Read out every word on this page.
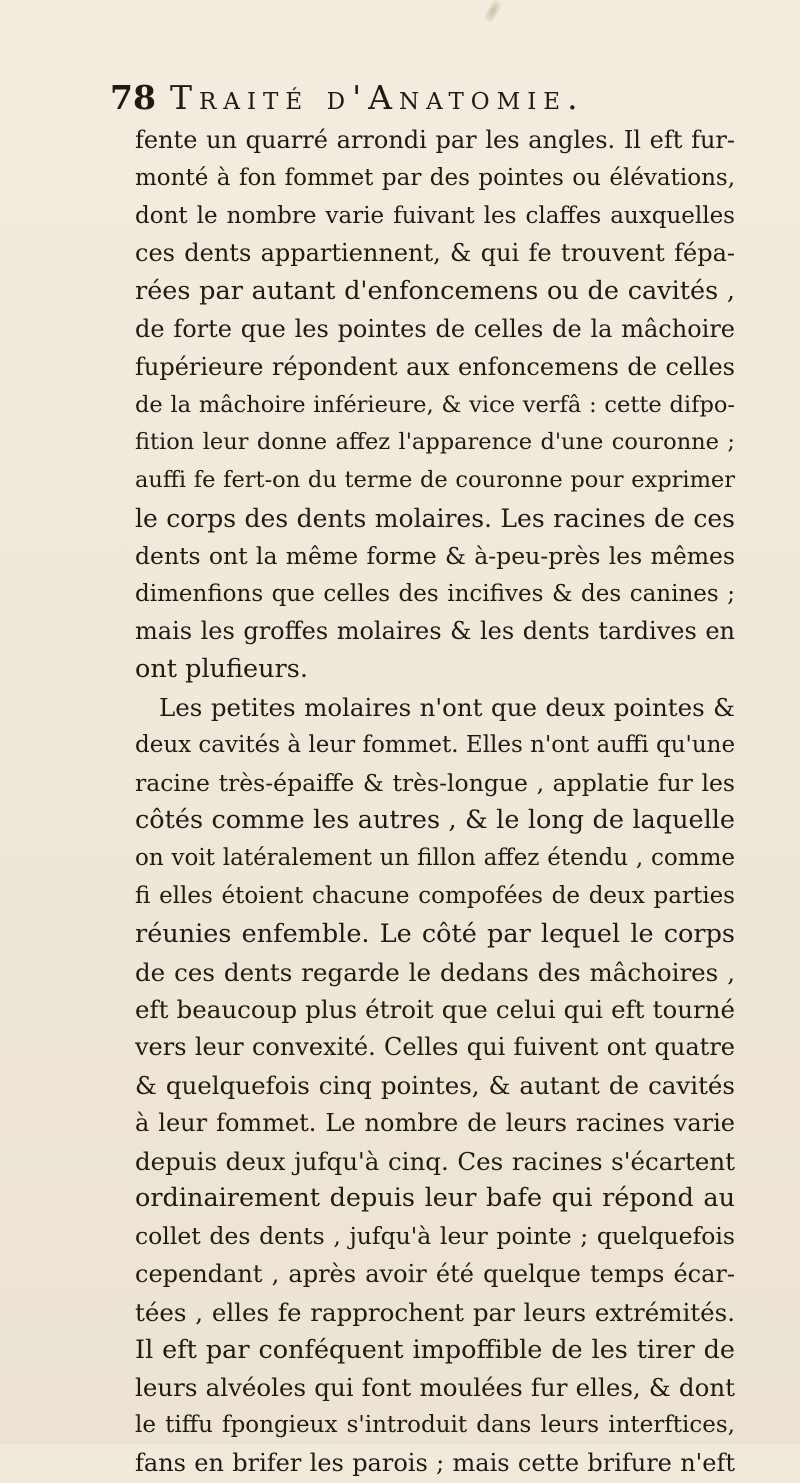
78 Traité d'Anatomie.
fente un quarré arrondi par les angles. Il eft fur-
monté à fon fommet par des pointes ou élévations,
dont le nombre varie fuivant les claffes auxquelles
ces dents appartiennent, & qui fe trouvent fépa-
rées par autant d'enfoncemens ou de cavités ,
de forte que les pointes de celles de la mâchoire
fupérieure répondent aux enfoncemens de celles
de la mâchoire inférieure, & vice verfâ : cette difpo-
fition leur donne affez l'apparence d'une couronne ;
auffi fe fert-on du terme de couronne pour exprimer
le corps des dents molaires. Les racines de ces
dents ont la même forme & à-peu-près les mêmes
dimenfions que celles des incifives & des canines ;
mais les groffes molaires & les dents tardives en
ont plufieurs.
Les petites molaires n'ont que deux pointes &
deux cavités à leur fommet. Elles n'ont auffi qu'une
racine très-épaiffe & très-longue , applatie fur les
côtés comme les autres , & le long de laquelle
on voit latéralement un fillon affez étendu , comme
fi elles étoient chacune compofées de deux parties
réunies enfemble. Le côté par lequel le corps
de ces dents regarde le dedans des mâchoires ,
eft beaucoup plus étroit que celui qui eft tourné
vers leur convexité. Celles qui fuivent ont quatre
& quelquefois cinq pointes, & autant de cavités
à leur fommet. Le nombre de leurs racines varie
depuis deux jufqu'à cinq. Ces racines s'écartent
ordinairement depuis leur bafe qui répond au
collet des dents , jufqu'à leur pointe ; quelquefois
cependant , après avoir été quelque temps écar-
tées , elles fe rapprochent par leurs extrémités.
Il eft par conféquent impoffible de les tirer de
leurs alvéoles qui font moulées fur elles, & dont
le tiffu fpongieux s'introduit dans leurs interftices,
fans en brifer les parois ; mais cette brifure n'eft
